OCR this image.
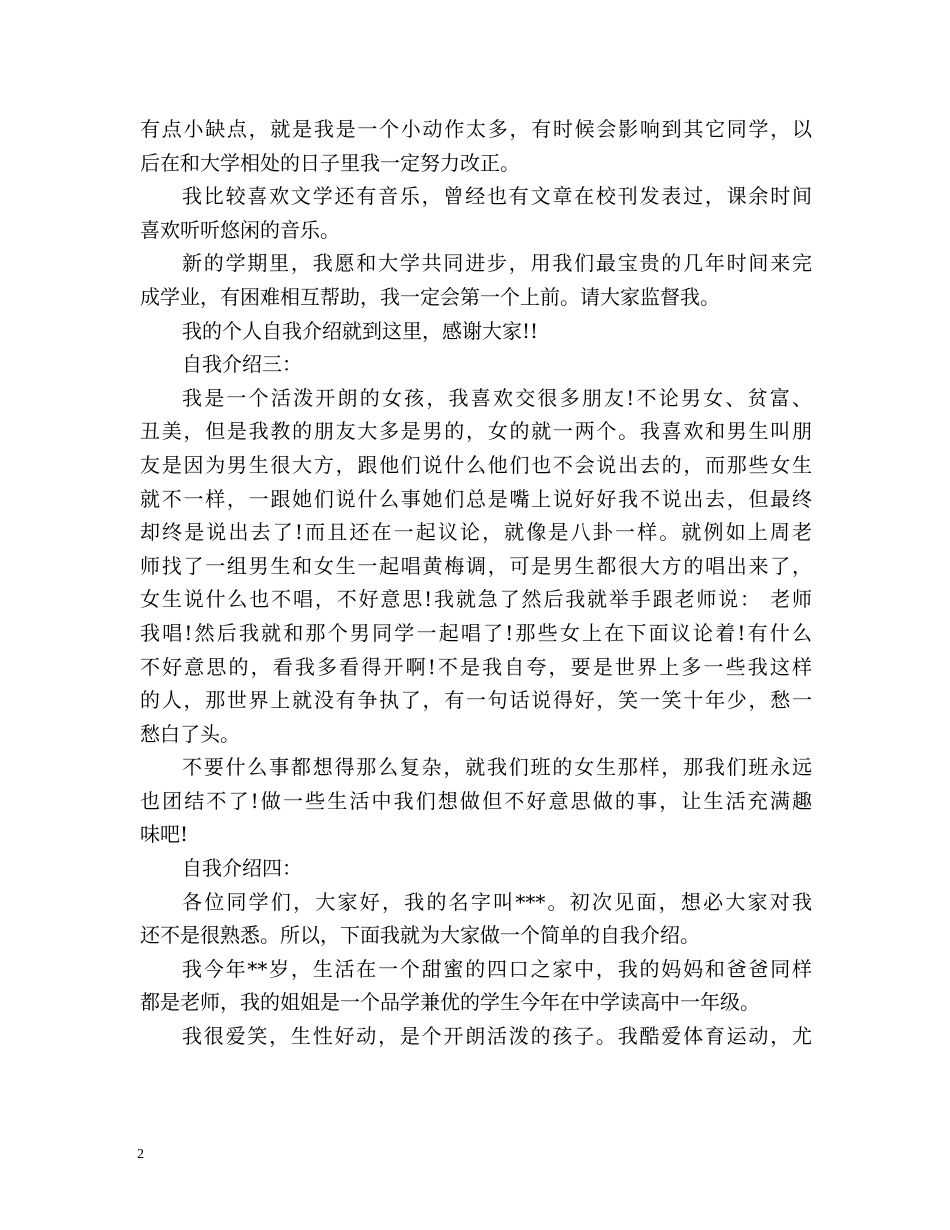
有点小缺点，就是我是一个小动作太多，有时候会影响到其它同学，以
后在和大学相处的日子里我一定努力改正。
我比较喜欢文学还有音乐，曾经也有文章在校刊发表过，课余时间
喜欢听听悠闲的音乐。
新的学期里，我愿和大学共同进步，用我们最宝贵的几年时间来完
成学业，有困难相互帮助，我一定会第一个上前。请大家监督我。
我的个人自我介绍就到这里，感谢大家!!
自我介绍三：
我是一个活泼开朗的女孩，我喜欢交很多朋友!不论男女、贫富、
丑美，但是我教的朋友大多是男的，女的就一两个。我喜欢和男生叫朋
友是因为男生很大方，跟他们说什么他们也不会说出去的，而那些女生
就不一样，一跟她们说什么事她们总是嘴上说好好我不说出去，但最终
却终是说出去了!而且还在一起议论，就像是八卦一样。就例如上周老
师找了一组男生和女生一起唱黄梅调，可是男生都很大方的唱出来了，
女生说什么也不唱，不好意思!我就急了然后我就举手跟老师说： 老师
我唱!然后我就和那个男同学一起唱了!那些女上在下面议论着!有什么
不好意思的，看我多看得开啊!不是我自夸，要是世界上多一些我这样
的人，那世界上就没有争执了，有一句话说得好，笑一笑十年少，愁一
愁白了头。
不要什么事都想得那么复杂，就我们班的女生那样，那我们班永远
也团结不了!做一些生活中我们想做但不好意思做的事，让生活充满趣
味吧!
自我介绍四：
各位同学们，大家好，我的名字叫***。初次见面，想必大家对我
还不是很熟悉。所以，下面我就为大家做一个简单的自我介绍。
我今年**岁，生活在一个甜蜜的四口之家中，我的妈妈和爸爸同样
都是老师，我的姐姐是一个品学兼优的学生今年在中学读高中一年级。
我很爱笑，生性好动，是个开朗活泼的孩子。我酷爱体育运动，尤
2
